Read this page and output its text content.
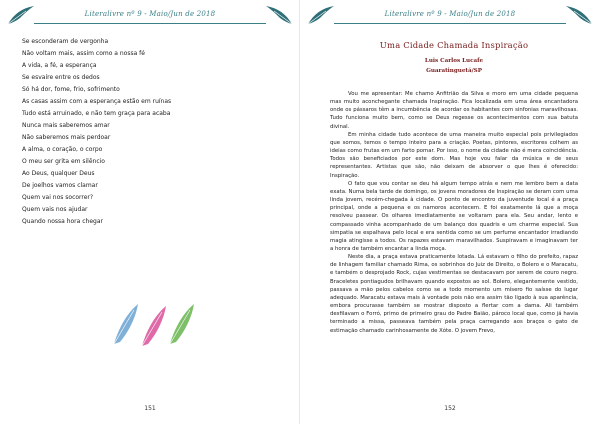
Literalivre nº 9 - Maio/Jun de 2018
Se esconderam de vergonha
Não voltam mais, assim como a nossa fé
A vida, a fé, a esperança
Se esvaíre entre os dedos
Só há dor, fome, frio, sofrimento
As casas assim com a esperança estão em ruínas
Tudo está arruinado, e não tem graça para acaba
Nunca mais saberemos amar
Não saberemos mais perdoar
A alma, o coração, o corpo
O meu ser grita em silêncio
Ao Deus, qualquer Deus
De joelhos vamos clamar
Quem vai nos socorrer?
Quem vais nos ajudar
Quando nossa hora chegar
151
Literalivre nº 9 - Maio/Jun de 2018
Uma Cidade Chamada Inspiração
Luis Carlos Lucafe
Guaratinguetá/SP

Vou me apresentar: Me chamo Anfitrião da Silva e moro em uma cidade pequena mas muito aconchegante chamada Inspiração. Fica localizada em uma área encantadora onde os pássaros têm a incumbência de acordar os habitantes com sinfonias maravilhosas. Tudo funciona muito bem, como se Deus regesse os acontecimentos com sua batuta divinal.

Em minha cidade tudo acontece de uma maneira muito especial pois privilegiados que somos, temos o tempo inteiro para a criação. Poetas, pintores, escritores colhem as ideias como frutas em um farto pomar. Por isso, o nome da cidade não é mera coincidência. Todos são beneficiados por este dom. Mas hoje vou falar da música e de seus representantes. Artistas que são, não deixam de absorver o que lhes é oferecido: Inspiração.

O fato que vou contar se deu há algum tempo atrás e nem me lembro bem a data exata. Numa bela tarde de domingo, os jovens moradores de Inspiração se deram com uma linda jovem, recém-chegada à cidade. O ponto de encontro da juventude local é a praça principal, onde a pequena e os namoros acontecem. E foi exatamente lá que a moça resolveu passear. Os olhares imediatamente se voltaram para ela. Seu andar, lento e compassado vinha acompanhado de um balanço dos quadris e um charme especial. Sua simpatia se espalhava pelo local e era sentida como se um perfume encantador irradiando magia atingisse a todos. Os rapazes estavam maravilhados. Suspiravam e imaginavam ter a honra de também encantar a linda moça.

Neste dia, a praça estava praticamente lotada. Lá estavam o filho do prefeito, rapaz de linhagem familiar chamado Rima, os sobrinhos do Juiz de Direito, o Bolero e o Maracatu, e também o desprojado Rock, cujas vestimentas se destacavam por serem de couro negro. Braceletes pontiagudos brilhavam quando expostos ao sol. Bolero, elegantemente vestido, passava a mão pelos cabelos como se a todo momento um mísero fio saísse do lugar adequado. Maracatu estava mais à vontade pois não era assim tão ligado à sua aparência, embora procurasse também se mostrar disposto a flertar com a dama. Ali também desfilavam o Forró, primo de primeiro grau do Padre Baião, pároco local que, como já havia terminado a missa, passeava também pela praça carregando aos braços o gato de estimação chamado carinhosamente de Xóte. O jovem Frevo,

152
